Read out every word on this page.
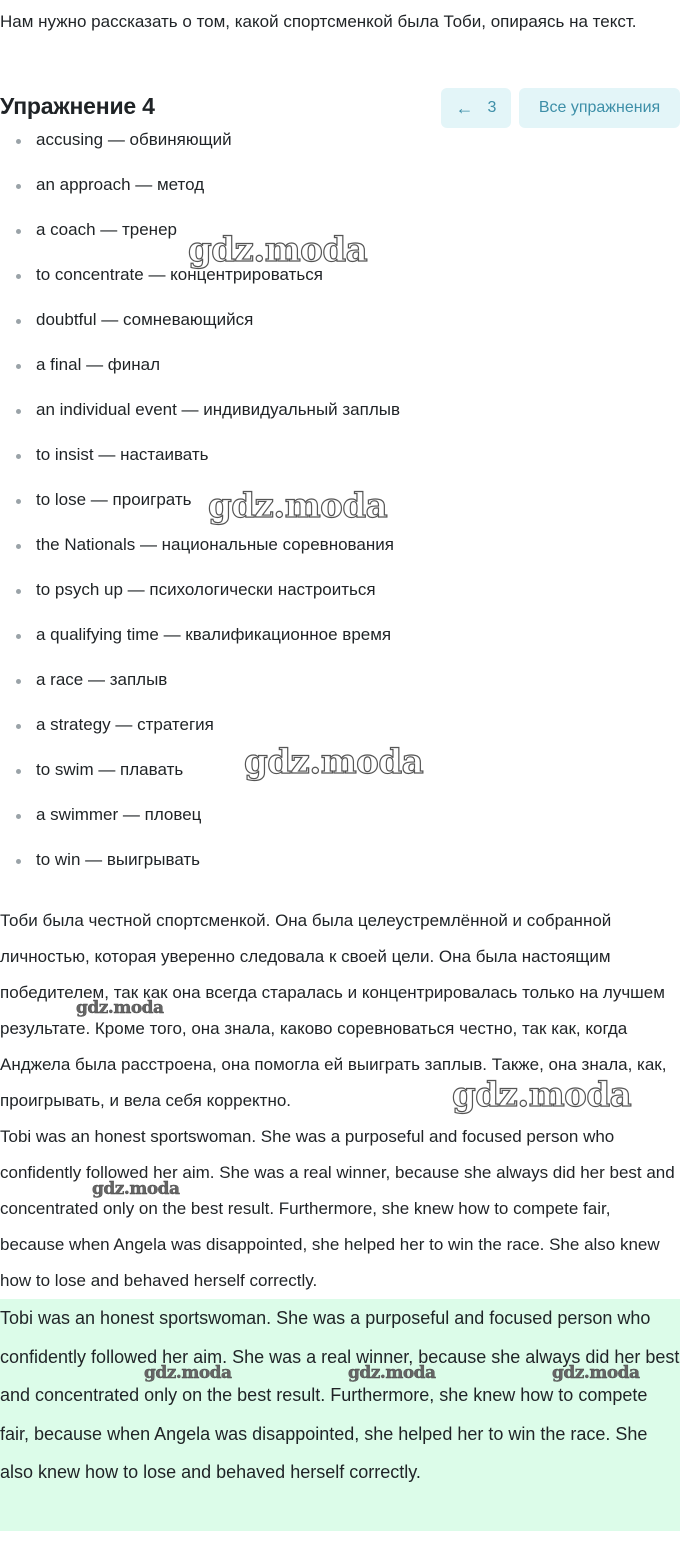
Нам нужно рассказать о том, какой спортсменкой была Тоби, опираясь на текст.
Упражнение 4	← 3	Все упражнения
accusing — обвиняющий
an approach — метод
a coach — тренер
to concentrate — концентрироваться
doubtful — сомневающийся
a final — финал
an individual event — индивидуальный заплыв
to insist — настаивать
to lose — проиграть
the Nationals — национальные соревнования
to psych up — психологически настроиться
a qualifying time — квалификационное время
a race — заплыв
a strategy — стратегия
to swim — плавать
a swimmer — пловец
to win — выигрывать
Тоби была честной спортсменкой. Она была целеустремлённой и собранной личностью, которая уверенно следовала к своей цели. Она была настоящим победителем, так как она всегда старалась и концентрировалась только на лучшем результате. Кроме того, она знала, каково соревноваться честно, так как, когда Анджела была расстроена, она помогла ей выиграть заплыв. Также, она знала, как, проигрывать, и вела себя корректно.
Tobi was an honest sportswoman. She was a purposeful and focused person who confidently followed her aim. She was a real winner, because she always did her best and concentrated only on the best result. Furthermore, she knew how to compete fair, because when Angela was disappointed, she helped her to win the race. She also knew how to lose and behaved herself correctly.
Tobi was an honest sportswoman. She was a purposeful and focused person who confidently followed her aim. She was a real winner, because she always did her best and concentrated only on the best result. Furthermore, she knew how to compete fair, because when Angela was disappointed, she helped her to win the race. She also knew how to lose and behaved herself correctly.
gdz.moda
gdz.moda
gdz.moda
gdz.moda
gdz.moda
gdz.moda
gdz.moda	gdz.moda	gdz.moda
